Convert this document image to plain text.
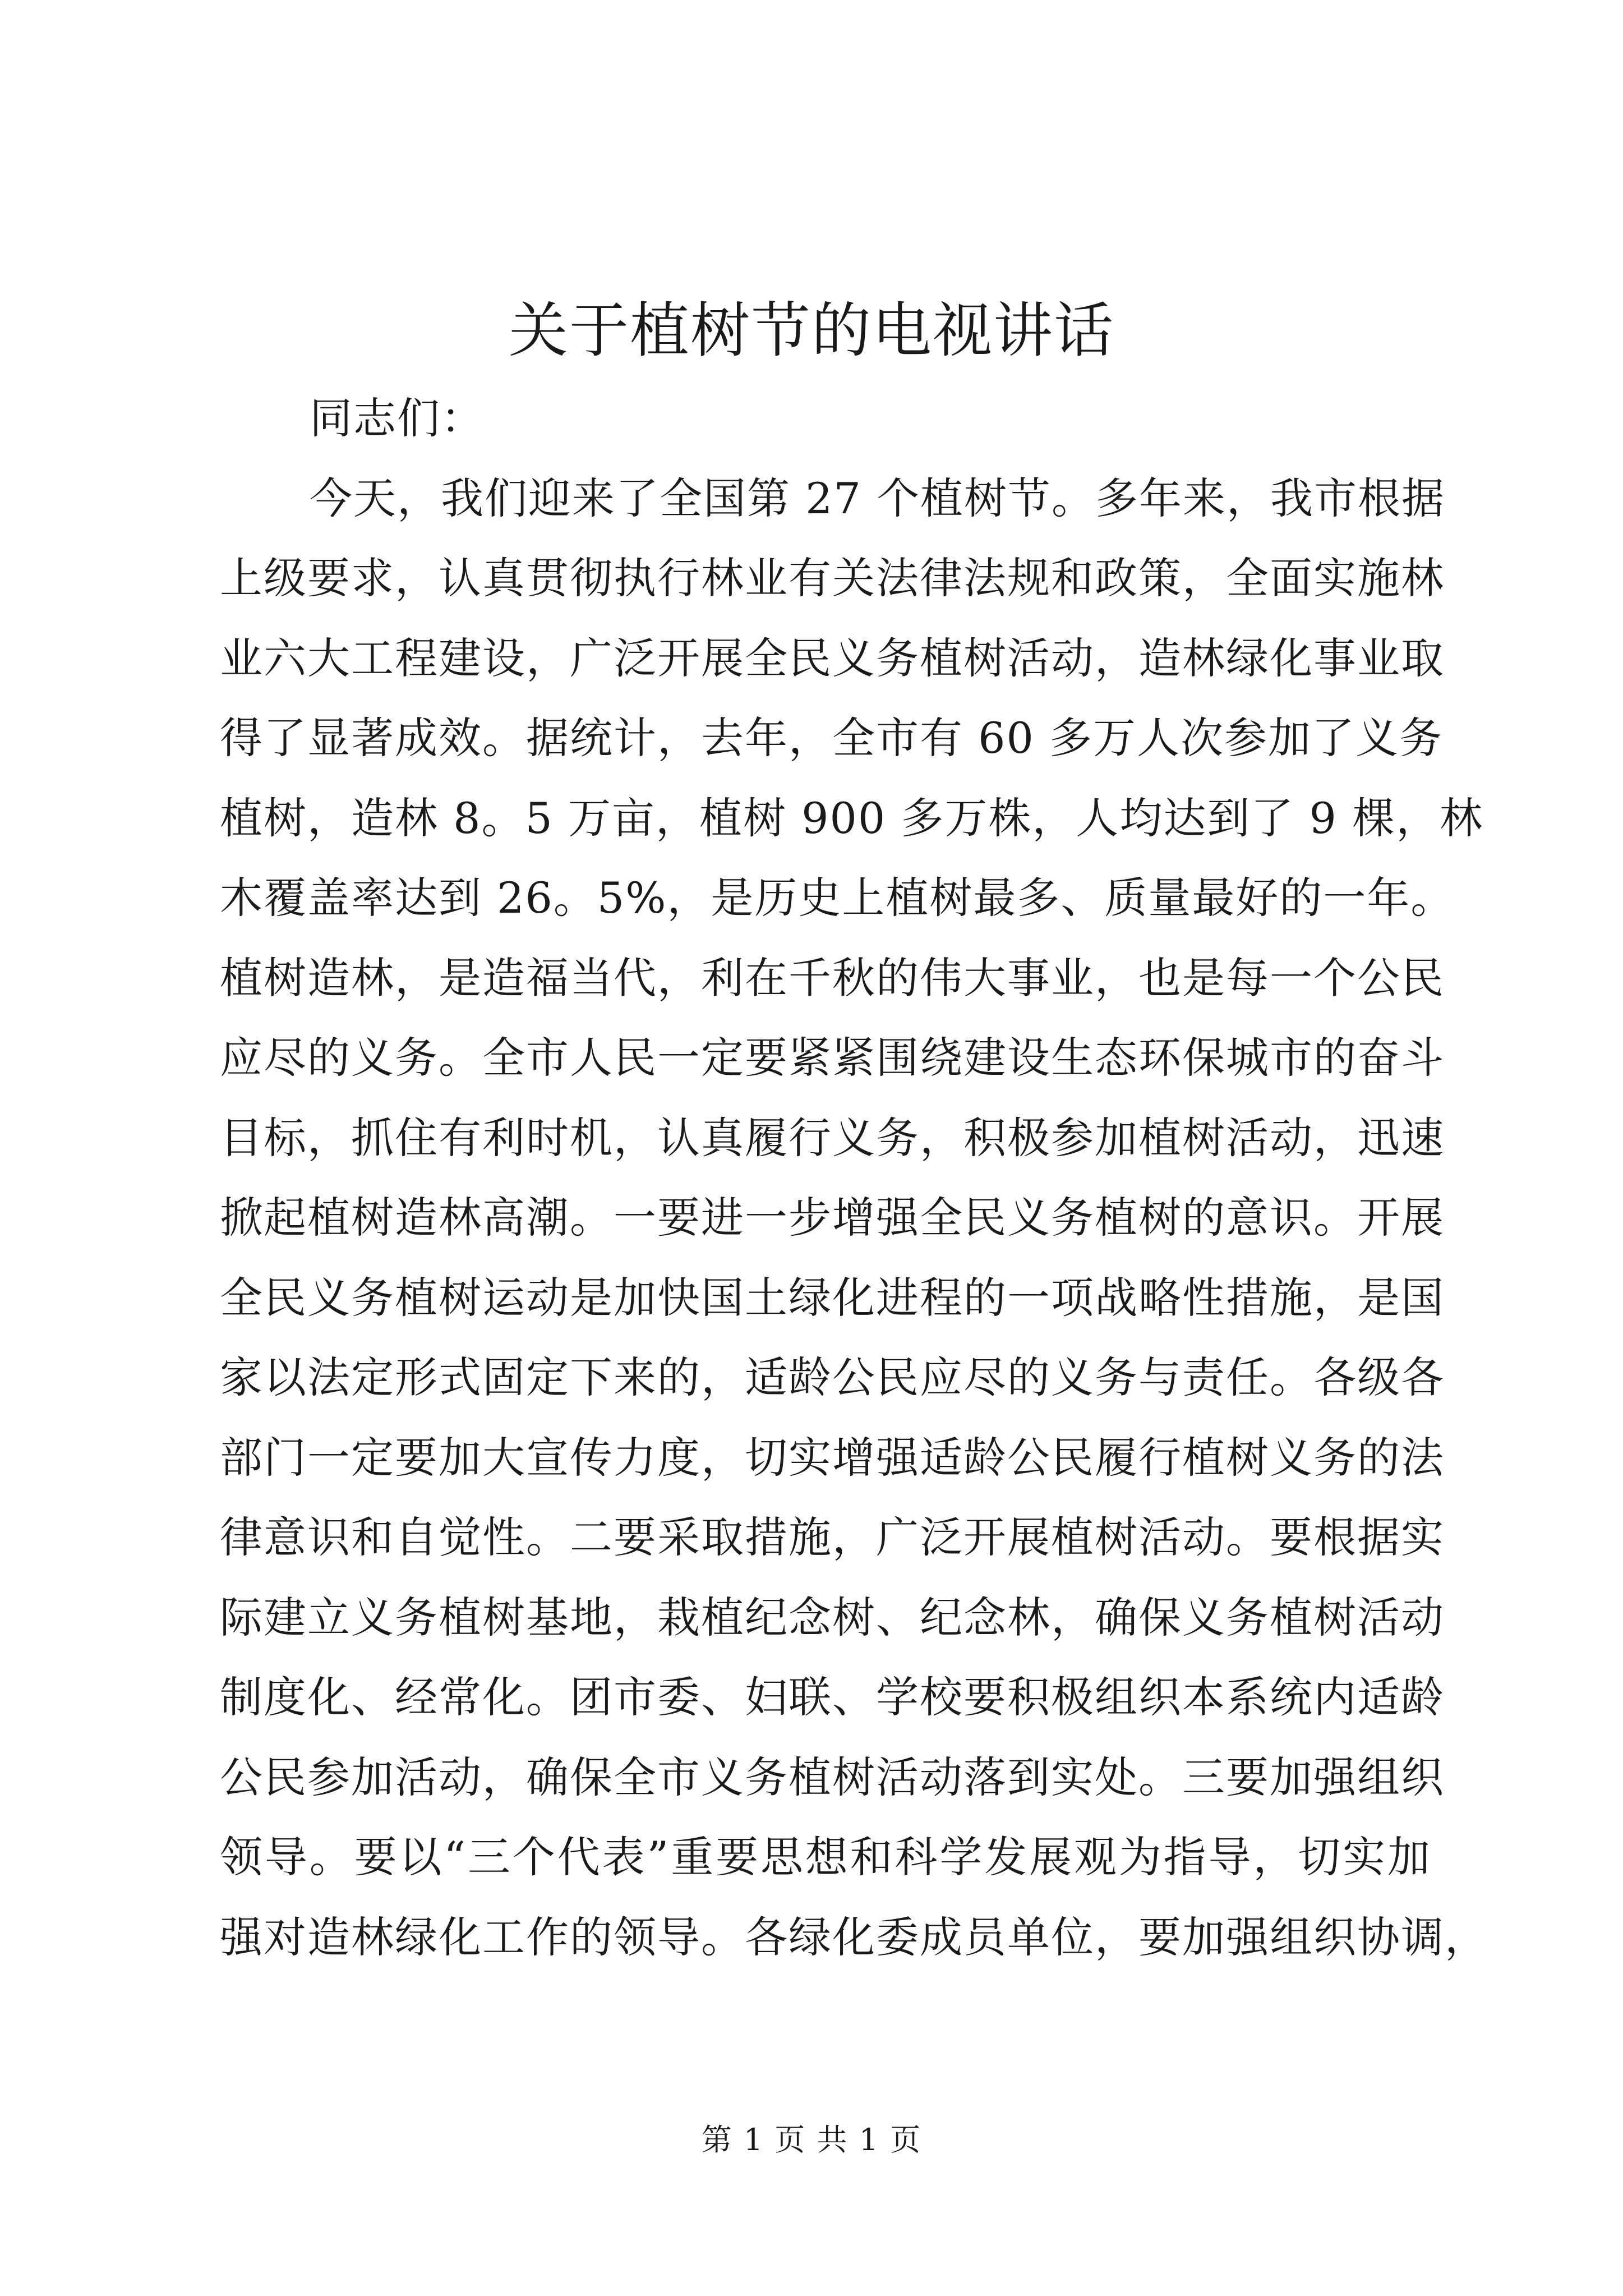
关于植树节的电视讲话
同志们：
今天，我们迎来了全国第 27 个植树节。多年来，我市根据
上级要求，认真贯彻执行林业有关法律法规和政策，全面实施林
业六大工程建设，广泛开展全民义务植树活动，造林绿化事业取
得了显著成效。据统计，去年，全市有 60 多万人次参加了义务
植树，造林 8。5 万亩，植树 900 多万株，人均达到了 9 棵，林
木覆盖率达到 26。5%，是历史上植树最多、质量最好的一年。
植树造林，是造福当代，利在千秋的伟大事业，也是每一个公民
应尽的义务。全市人民一定要紧紧围绕建设生态环保城市的奋斗
目标，抓住有利时机，认真履行义务，积极参加植树活动，迅速
掀起植树造林高潮。一要进一步增强全民义务植树的意识。开展
全民义务植树运动是加快国土绿化进程的一项战略性措施，是国
家以法定形式固定下来的，适龄公民应尽的义务与责任。各级各
部门一定要加大宣传力度，切实增强适龄公民履行植树义务的法
律意识和自觉性。二要采取措施，广泛开展植树活动。要根据实
际建立义务植树基地，栽植纪念树、纪念林，确保义务植树活动
制度化、经常化。团市委、妇联、学校要积极组织本系统内适龄
公民参加活动，确保全市义务植树活动落到实处。三要加强组织
领导。要以“三个代表”重要思想和科学发展观为指导，切实加
强对造林绿化工作的领导。各绿化委成员单位，要加强组织协调，
第 1 页 共 1 页
